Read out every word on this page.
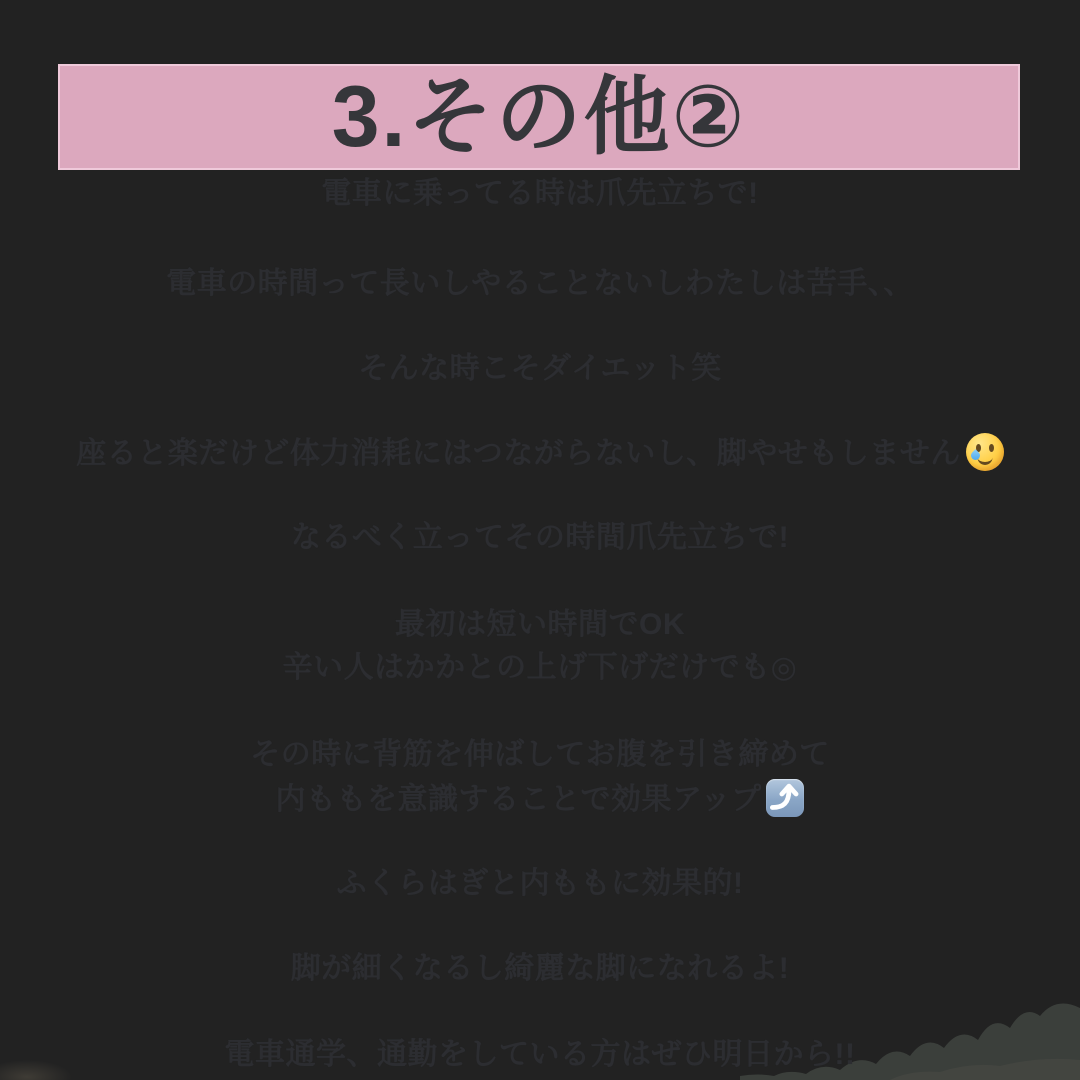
3.その他②
電車に乗ってる時は爪先立ちで!
電車の時間って長いしやることないしわたしは苦手、、
そんな時こそダイエット笑
座ると楽だけど体力消耗にはつながらないし、脚やせもしません
なるべく立ってその時間爪先立ちで!
最初は短い時間でOK
辛い人はかかとの上げ下げだけでも◎
その時に背筋を伸ばしてお腹を引き締めて
内ももを意識することで効果アップ
ふくらはぎと内ももに効果的!
脚が細くなるし綺麗な脚になれるよ!
電車通学、通勤をしている方はぜひ明日から!!
